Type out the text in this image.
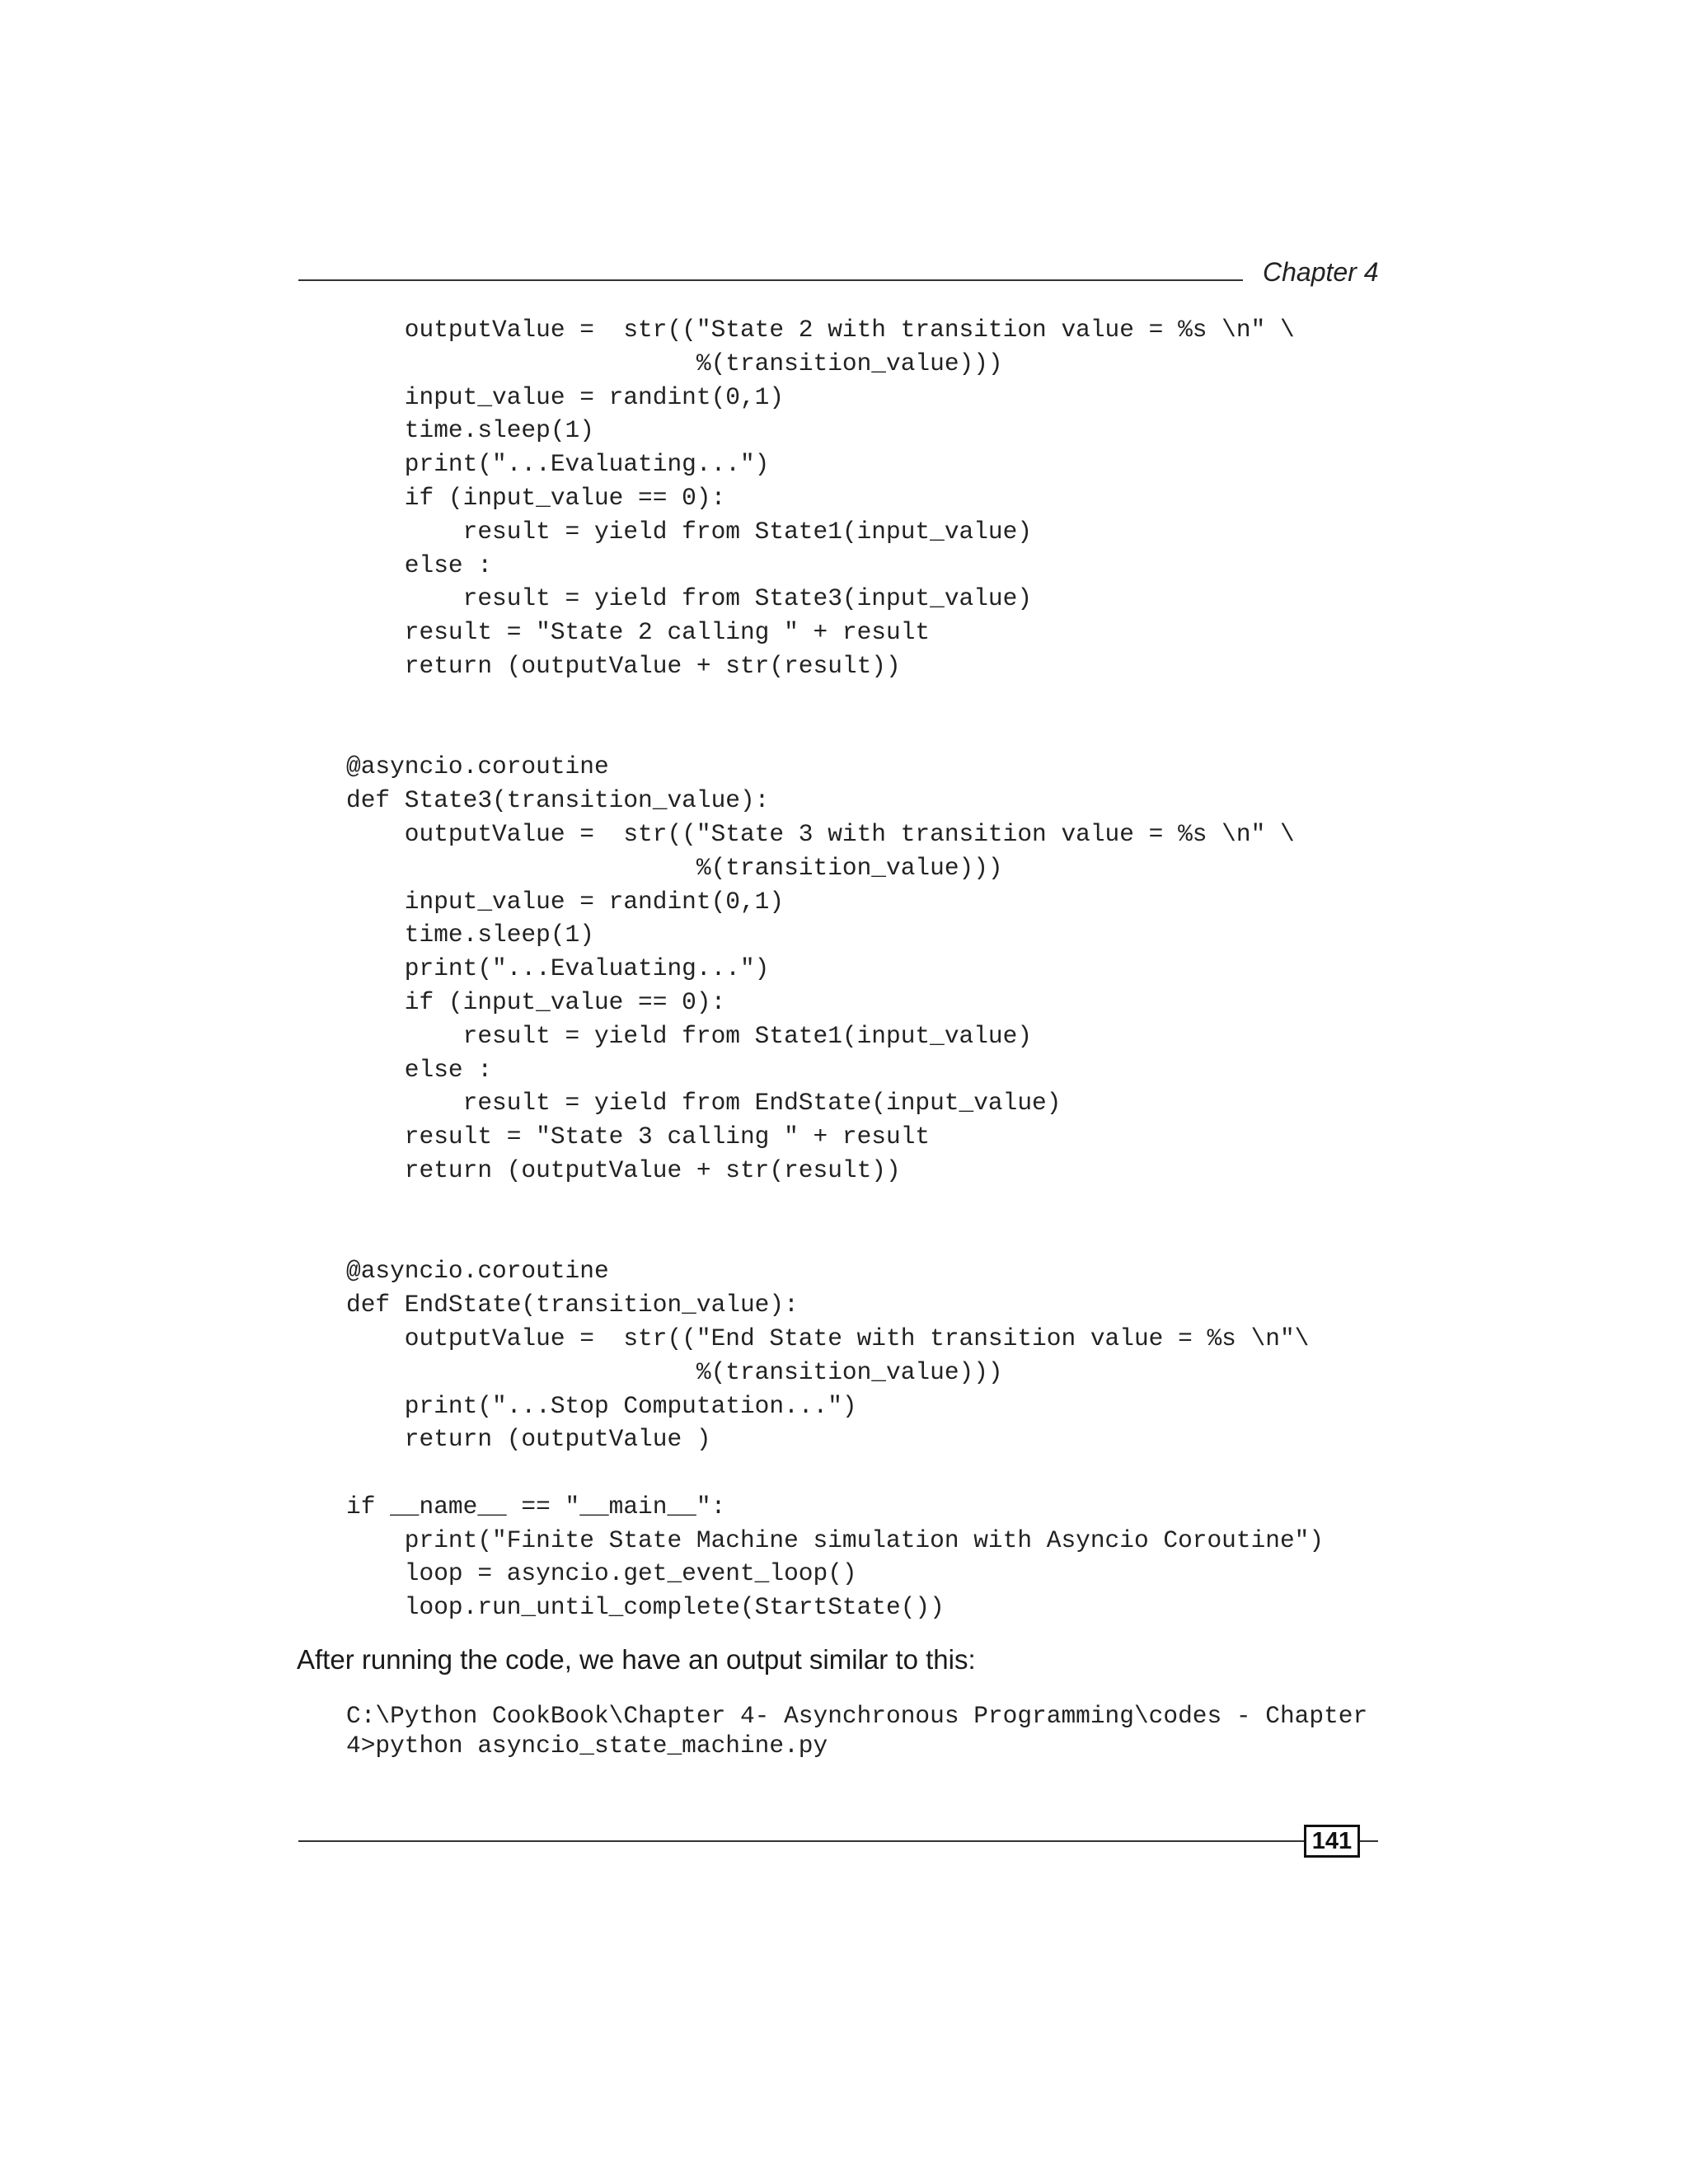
Chapter 4
outputValue =  str(("State 2 with transition value = %s \n" \
%(transition_value)))
input_value = randint(0,1)
time.sleep(1)
print("...Evaluating...")
if (input_value == 0):
result = yield from State1(input_value)
else :
result = yield from State3(input_value)
result = "State 2 calling " + result
return (outputValue + str(result))
@asyncio.coroutine
def State3(transition_value):
outputValue =  str(("State 3 with transition value = %s \n" \
%(transition_value)))
input_value = randint(0,1)
time.sleep(1)
print("...Evaluating...")
if (input_value == 0):
result = yield from State1(input_value)
else :
result = yield from EndState(input_value)
result = "State 3 calling " + result
return (outputValue + str(result))
@asyncio.coroutine
def EndState(transition_value):
outputValue =  str(("End State with transition value = %s \n"\
%(transition_value)))
print("...Stop Computation...")
return (outputValue )
if __name__ == "__main__":
print("Finite State Machine simulation with Asyncio Coroutine")
loop = asyncio.get_event_loop()
loop.run_until_complete(StartState())
After running the code, we have an output similar to this:
C:\Python CookBook\Chapter 4- Asynchronous Programming\codes - Chapter
4>python asyncio_state_machine.py
141
